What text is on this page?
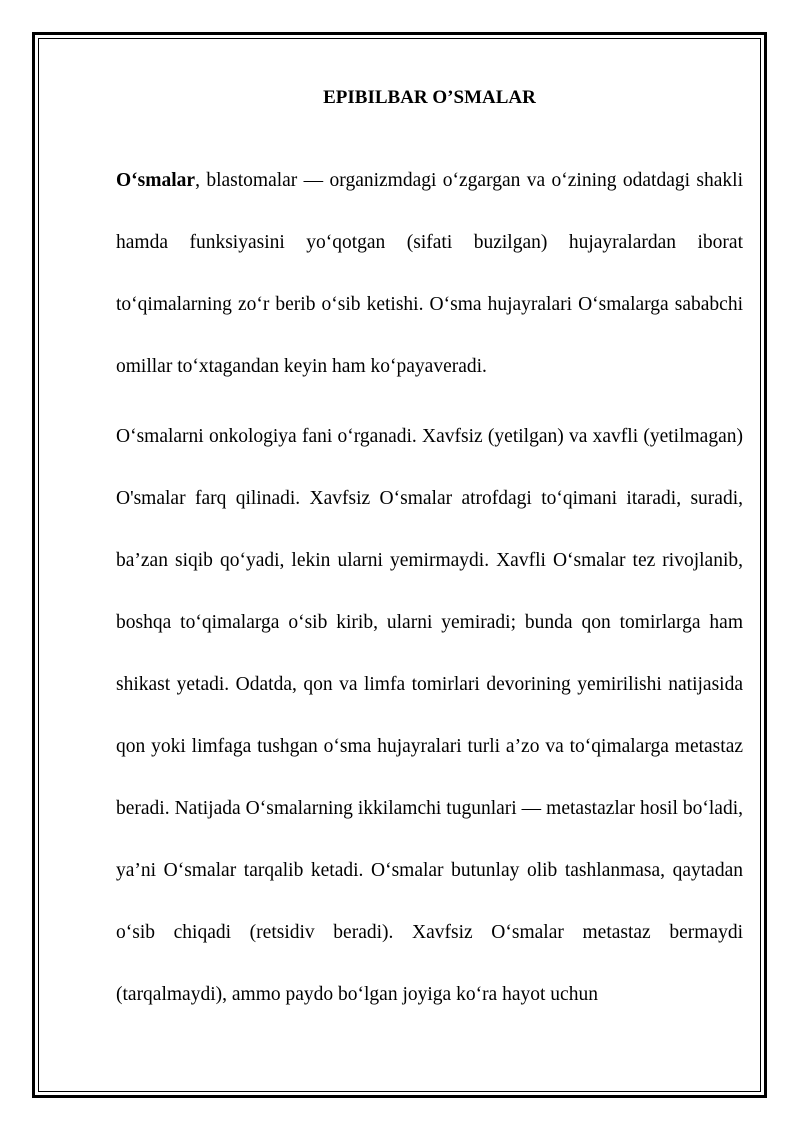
EPIBILBAR O’SMALAR

O‘smalar, blastomalar — organizmdagi o‘zgargan va o‘zining odatdagi shakli hamda funksiyasini yo‘qotgan (sifati buzilgan) hujayralardan iborat to‘qimalarning zo‘r berib o‘sib ketishi. O‘sma hujayralari O‘smalarga sababchi omillar to‘xtagandan keyin ham ko‘payaveradi.

O‘smalarni onkologiya fani o‘rganadi. Xavfsiz (yetilgan) va xavfli (yetilmagan) O'smalar farq qilinadi. Xavfsiz O‘smalar atrofdagi to‘qimani itaradi, suradi, ba’zan siqib qo‘yadi, lekin ularni yemirmaydi. Xavfli O‘smalar tez rivojlanib, boshqa to‘qimalarga o‘sib kirib, ularni yemiradi; bunda qon tomirlarga ham shikast yetadi. Odatda, qon va limfa tomirlari devorining yemirilishi natijasida qon yoki limfaga tushgan o‘sma hujayralari turli a’zo va to‘qimalarga metastaz beradi. Natijada O‘smalarning ikkilamchi tugunlari — metastazlar hosil bo‘ladi, ya’ni O‘smalar tarqalib ketadi. O‘smalar butunlay olib tashlanmasa, qaytadan o‘sib chiqadi (retsidiv beradi). Xavfsiz O‘smalar metastaz bermaydi (tarqalmaydi), ammo paydo bo‘lgan joyiga ko‘ra hayot uchun
